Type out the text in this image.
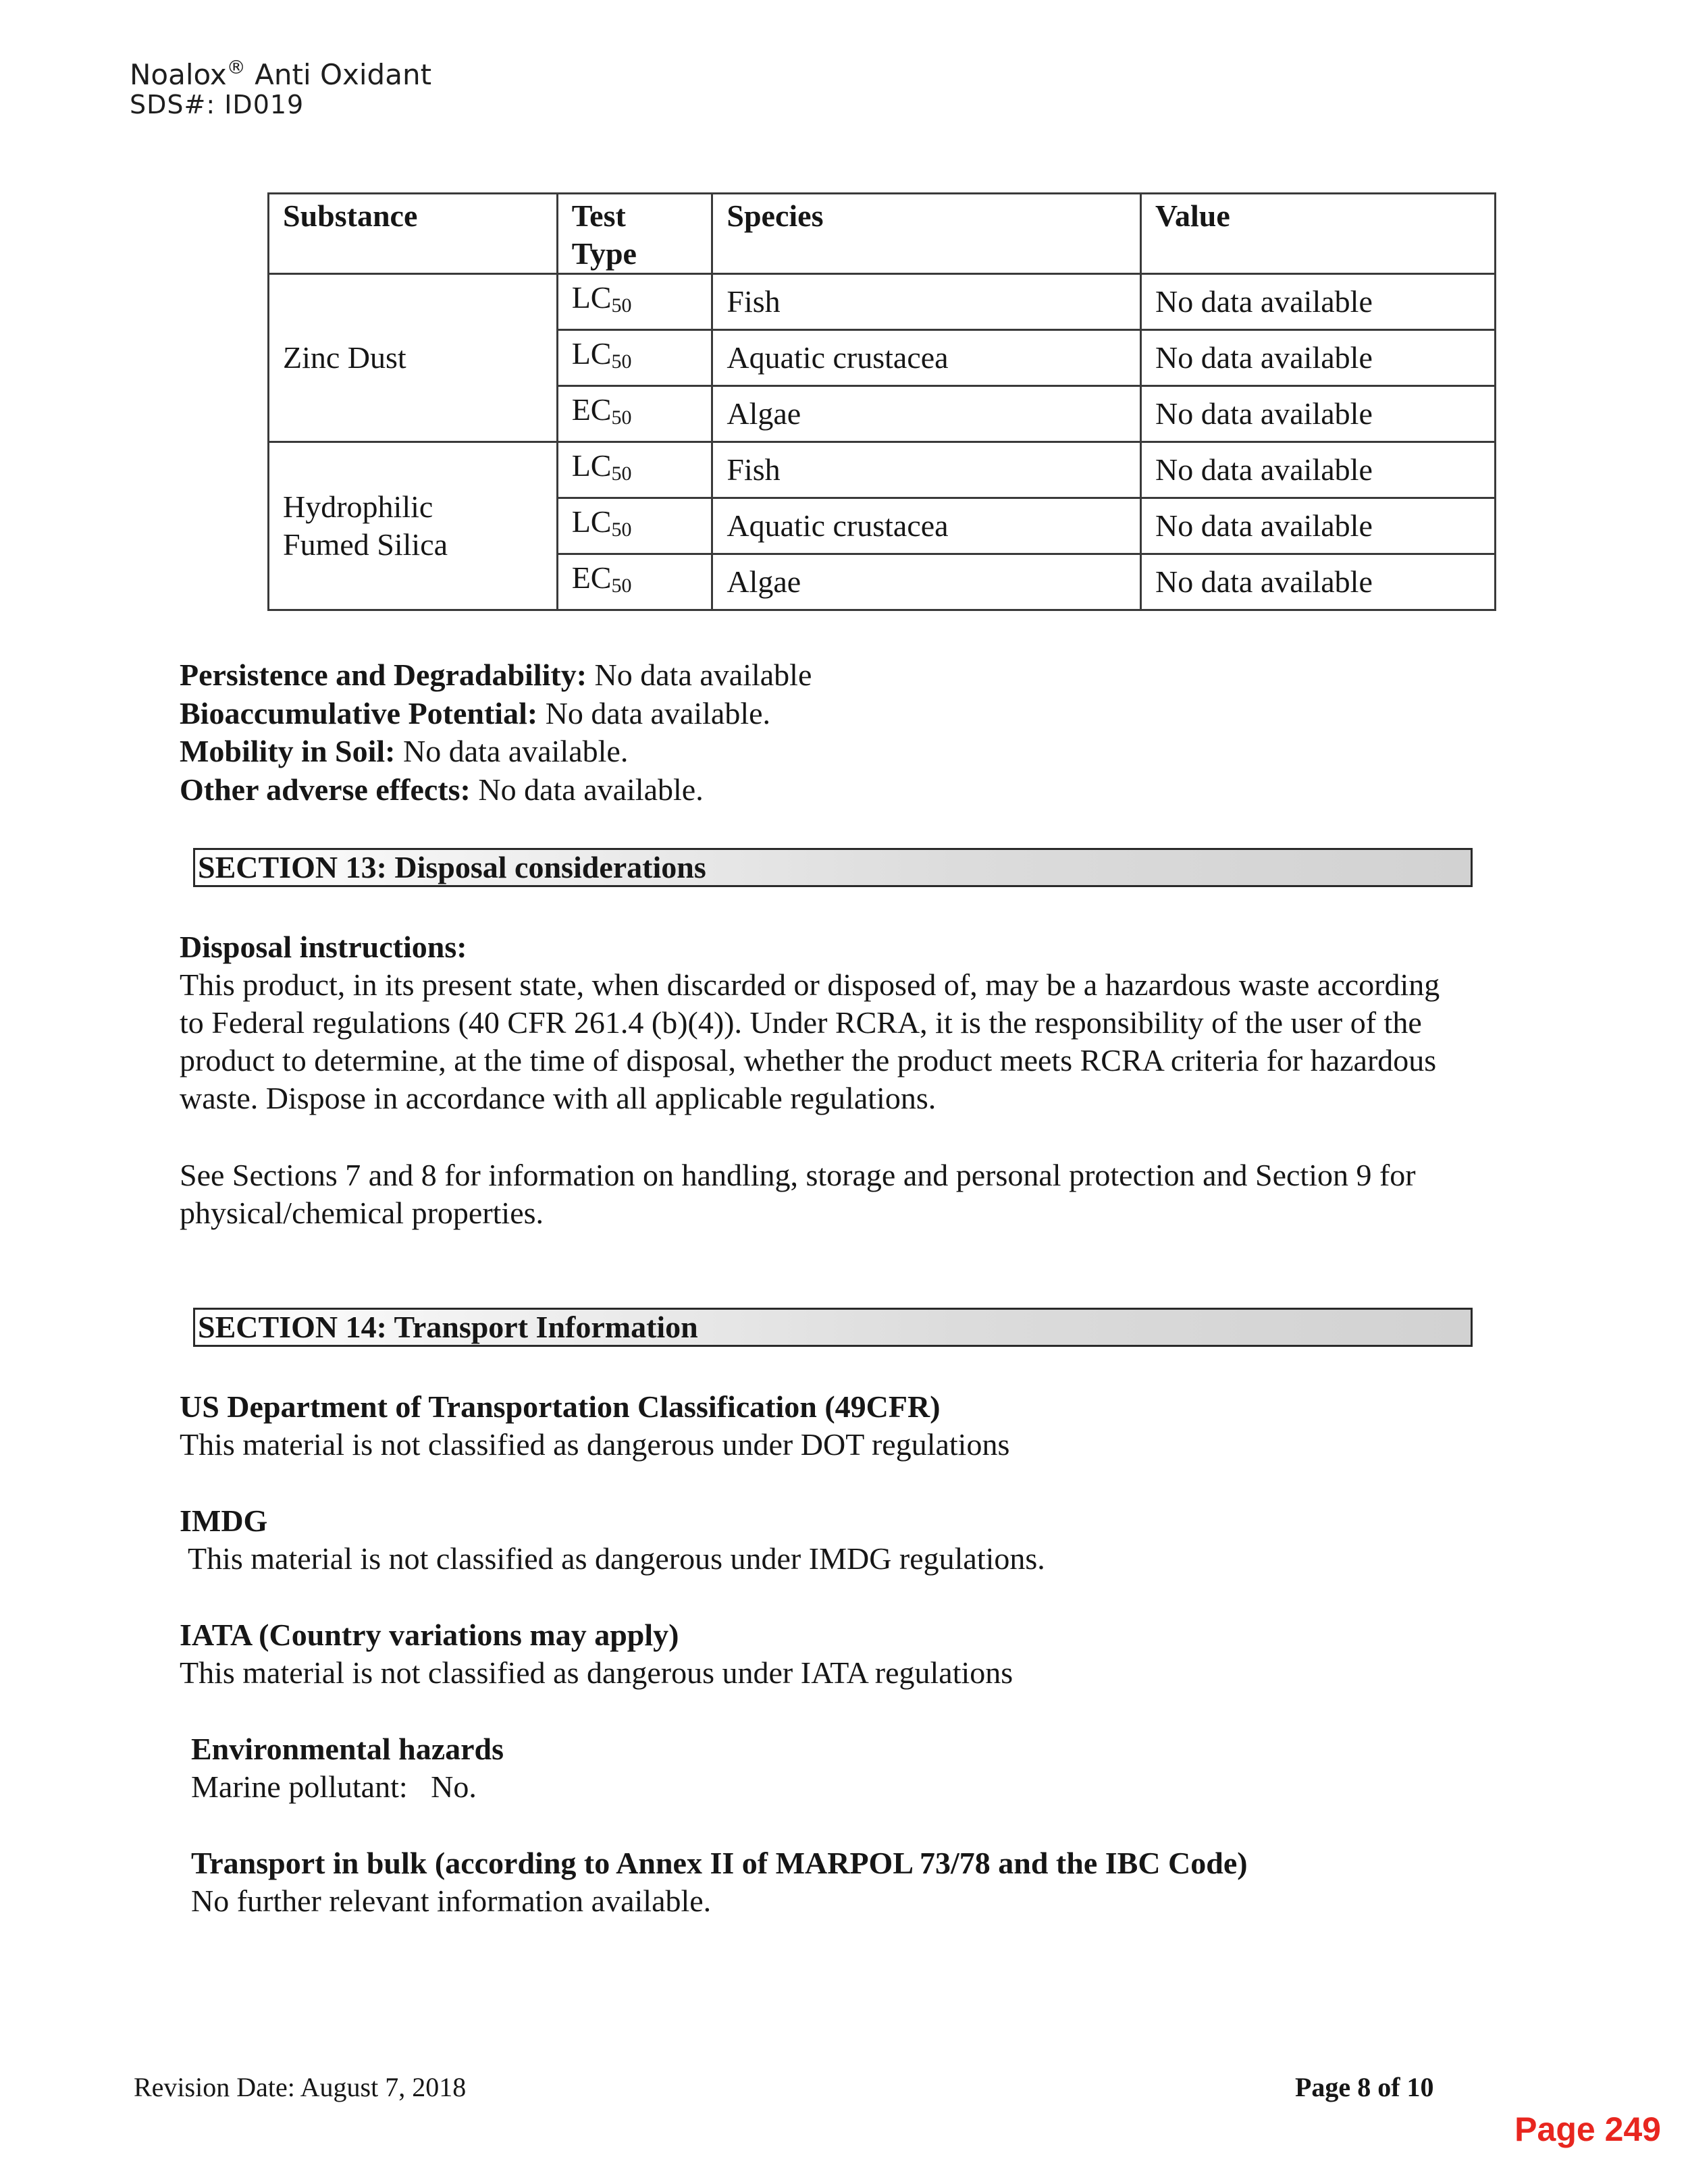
Noalox® Anti Oxidant
SDS#: ID019
Substance	Test Type	Species	Value
Zinc Dust	$LC_{50}$	Fish	No data available
	$LC_{50}$	Aquatic crustacea	No data available
	$EC_{50}$	Algae	No data available
Hydrophilic Fumed Silica	$LC_{50}$	Fish	No data available
	$LC_{50}$	Aquatic crustacea	No data available
	$EC_{50}$	Algae	No data available
Persistence and Degradability: No data available
Bioaccumulative Potential: No data available.
Mobility in Soil: No data available.
Other adverse effects: No data available.
SECTION 13: Disposal considerations
Disposal instructions:
This product, in its present state, when discarded or disposed of, may be a hazardous waste according to Federal regulations (40 CFR 261.4 (b)(4)). Under RCRA, it is the responsibility of the user of the product to determine, at the time of disposal, whether the product meets RCRA criteria for hazardous waste. Dispose in accordance with all applicable regulations.
See Sections 7 and 8 for information on handling, storage and personal protection and Section 9 for physical/chemical properties.
SECTION 14: Transport Information
US Department of Transportation Classification (49CFR)
This material is not classified as dangerous under DOT regulations
IMDG
This material is not classified as dangerous under IMDG regulations.
IATA (Country variations may apply)
This material is not classified as dangerous under IATA regulations
Environmental hazards
Marine pollutant:   No.
Transport in bulk (according to Annex II of MARPOL 73/78 and the IBC Code)
No further relevant information available.
Revision Date: August 7, 2018	Page 8 of 10
Page 249
